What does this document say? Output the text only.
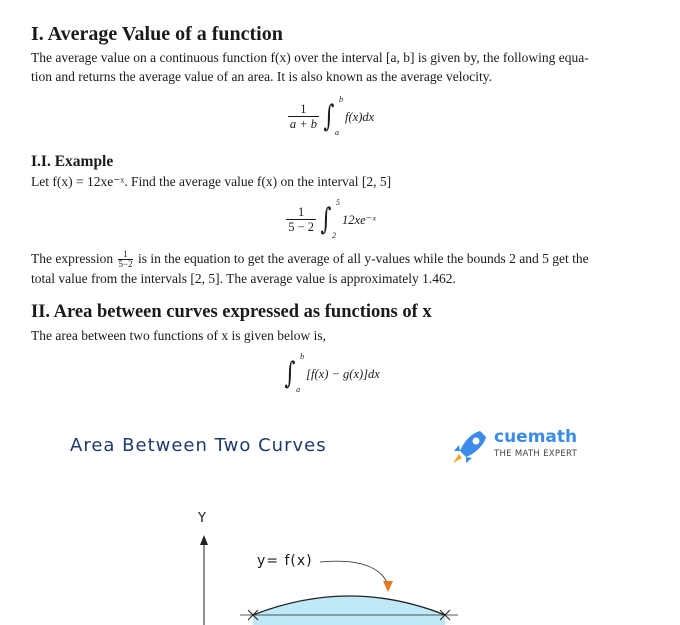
I. Average Value of a function

The average value on a continuous function f(x) over the interval [a, b] is given by, the following equa-

tion and returns the average value of an area. It is also known as the average velocity.

$\frac{1}{a + b}$ ∫ b
a
f(x)dx
I.I. Example

Let f(x) = 12xe⁻ˣ. Find the average value f(x) on the interval [2, 5]

$\frac{1}{5 - 2}$ ∫ 5
2
12xe⁻ˣ

The expression $\frac{1}{5-2}$ is in the equation to get the average of all y-values while the bounds 2 and 5 get the

total value from the intervals [2, 5]. The average value is approximately 1.462.

II. Area between curves expressed as functions of x

The area between two functions of x is given below is,

∫ b
a
[f(x) − g(x)]dx
Area Between Two Curves	cuemath
THE MATH EXPERT
Y
y= f(x)
